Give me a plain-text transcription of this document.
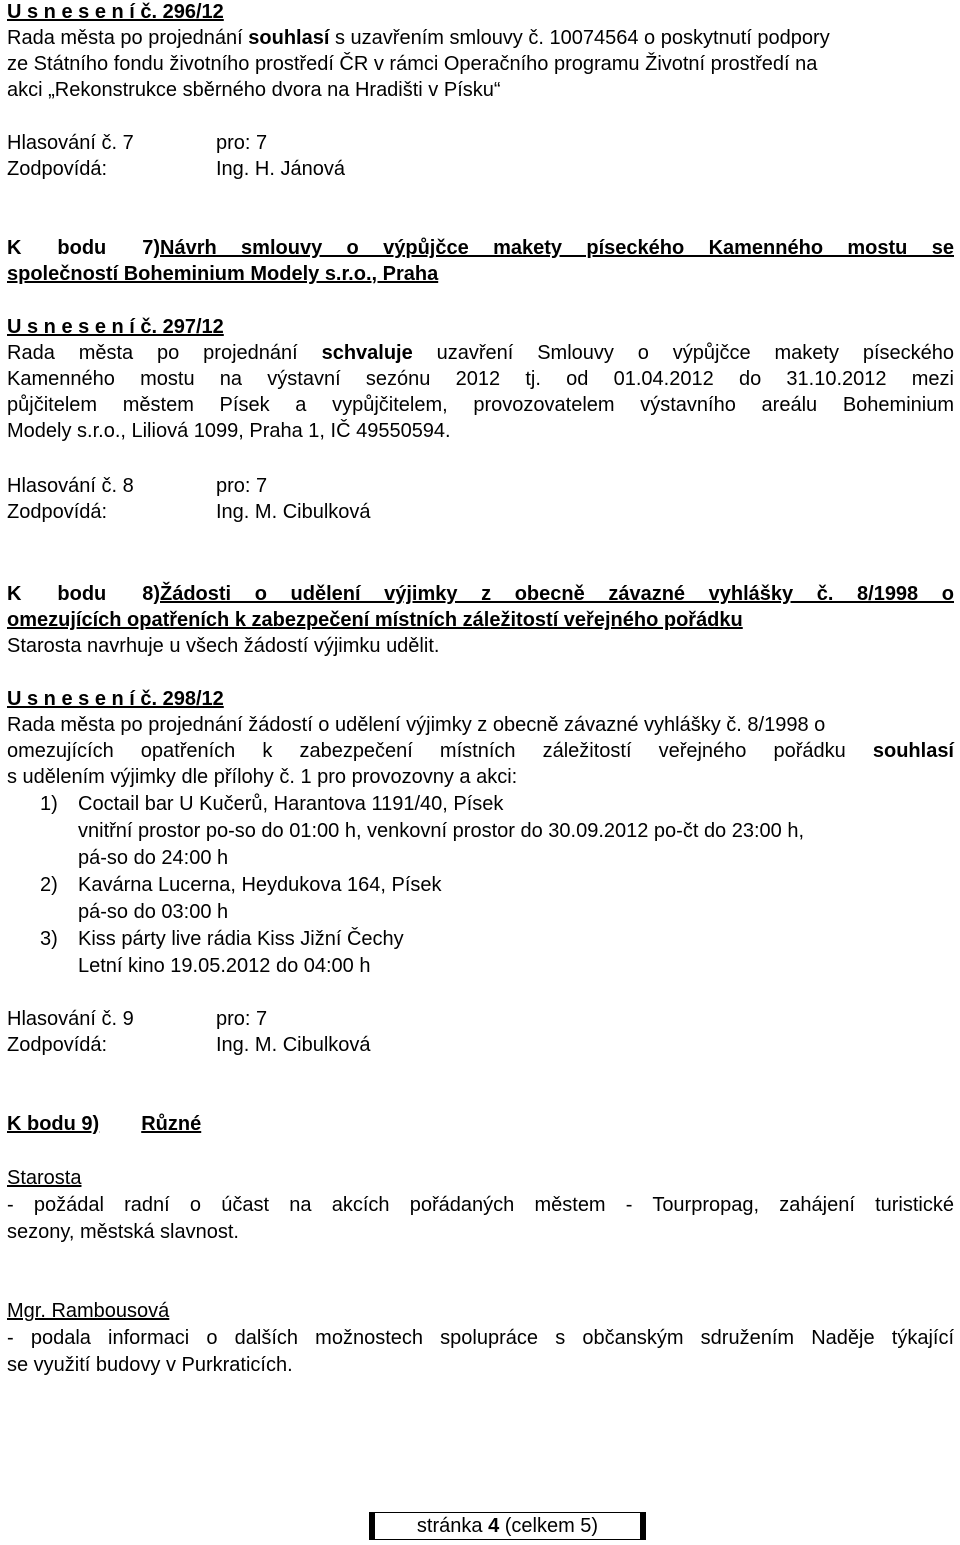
U s n e s e n í č. 296/12
Rada města po projednání souhlasí s uzavřením smlouvy č. 10074564 o poskytnutí podpory
ze Státního fondu životního prostředí ČR v rámci Operačního programu Životní prostředí na
akci „Rekonstrukce sběrného dvora na Hradišti v Písku“
Hlasování č. 7	pro: 7
Zodpovídá:	Ing. H. Jánová
K bodu 7)Návrh smlouvy o výpůjčce makety píseckého Kamenného mostu se
společností Boheminium Modely s.r.o., Praha
U s n e s e n í č. 297/12
Rada města po projednání schvaluje uzavření Smlouvy o výpůjčce makety píseckého
Kamenného mostu na výstavní sezónu 2012 tj. od 01.04.2012 do 31.10.2012 mezi
půjčitelem městem Písek a vypůjčitelem, provozovatelem výstavního areálu Boheminium
Modely s.r.o., Liliová 1099, Praha 1, IČ 49550594.
Hlasování č. 8	pro: 7
Zodpovídá:	Ing. M. Cibulková
K bodu 8)Žádosti o udělení výjimky z obecně závazné vyhlášky č. 8/1998 o
omezujících opatřeních k zabezpečení místních záležitostí veřejného pořádku
Starosta navrhuje u všech žádostí výjimku udělit.
U s n e s e n í č. 298/12
Rada města po projednání žádostí o udělení výjimky z obecně závazné vyhlášky č. 8/1998 o
omezujících opatřeních k zabezpečení místních záležitostí veřejného pořádku souhlasí
s udělením výjimky dle přílohy č. 1 pro provozovny a akci:
1) Coctail bar U Kučerů, Harantova 1191/40, Písek
vnitřní prostor po-so do 01:00 h, venkovní prostor do 30.09.2012 po-čt do 23:00 h,
pá-so do 24:00 h
2) Kavárna Lucerna, Heydukova 164, Písek
pá-so do 03:00 h
3) Kiss párty live rádia Kiss Jižní Čechy
Letní kino 19.05.2012 do 04:00 h
Hlasování č. 9	pro: 7
Zodpovídá:	Ing. M. Cibulková
K bodu 9) Různé
Starosta
- požádal radní o účast na akcích pořádaných městem - Tourpropag, zahájení turistické
sezony, městská slavnost.
Mgr. Rambousová
- podala informaci o dalších možnostech spolupráce s občanským sdružením Naděje týkající
se využití budovy v Purkraticích.
stránka 4 (celkem 5)
